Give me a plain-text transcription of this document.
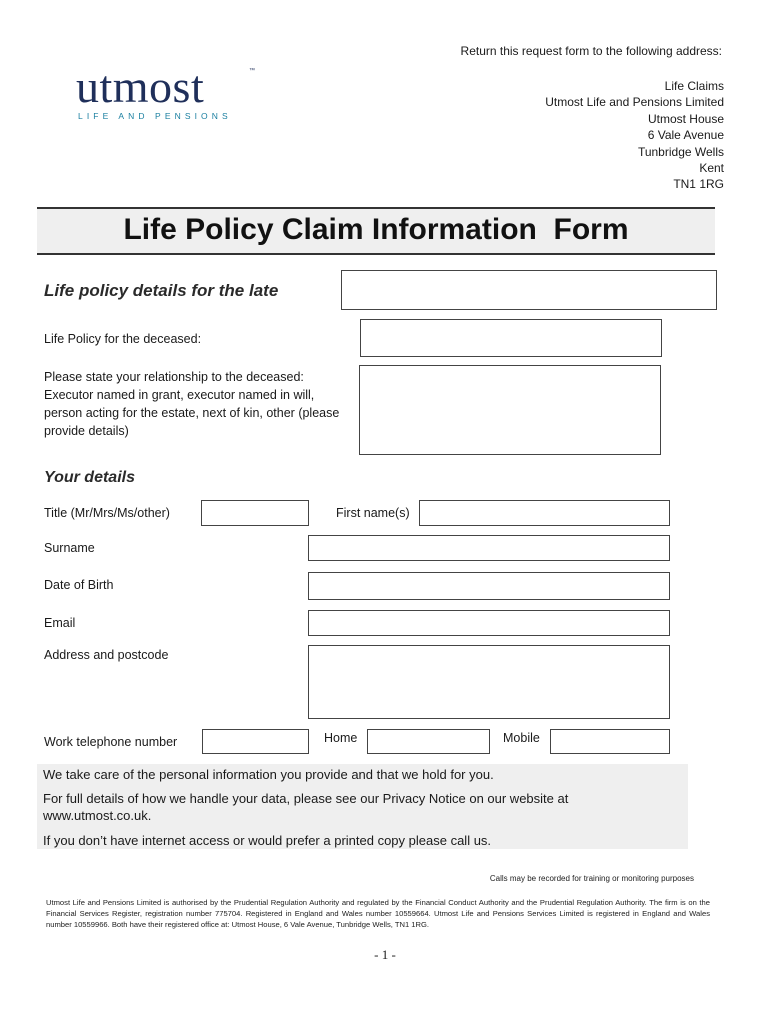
Return this request form to the following address:
Life Claims
Utmost Life and Pensions Limited
Utmost House
6 Vale Avenue
Tunbridge Wells
Kent
TN1 1RG
utmost	™
LIFE AND PENSIONS
Life Policy Claim Information  Form
Life policy details for the late
Life Policy for the deceased:
Please state your relationship to the deceased:
Executor named in grant, executor named in will, person acting for the estate, next of kin, other (please provide details)
Your details
Title (Mr/Mrs/Ms/other)	First name(s)
Surname
Date of Birth
Email
Address and postcode
Work telephone number	Home	Mobile

We take care of the personal information you provide and that we hold for you.

For full details of how we handle your data, please see our Privacy Notice on our website at www.utmost.co.uk.

If you don’t have internet access or would prefer a printed copy please call us.

Calls may be recorded for training or monitoring purposes
Utmost Life and Pensions Limited is authorised by the Prudential Regulation Authority and regulated by the Financial Conduct Authority and the Prudential Regulation Authority. The firm is on the Financial Services Register, registration number 775704. Registered in England and Wales number 10559664. Utmost Life and Pensions Services Limited is registered in England and Wales number 10559966. Both have their registered office at: Utmost House, 6 Vale Avenue, Tunbridge Wells, TN1 1RG.
- 1 -
